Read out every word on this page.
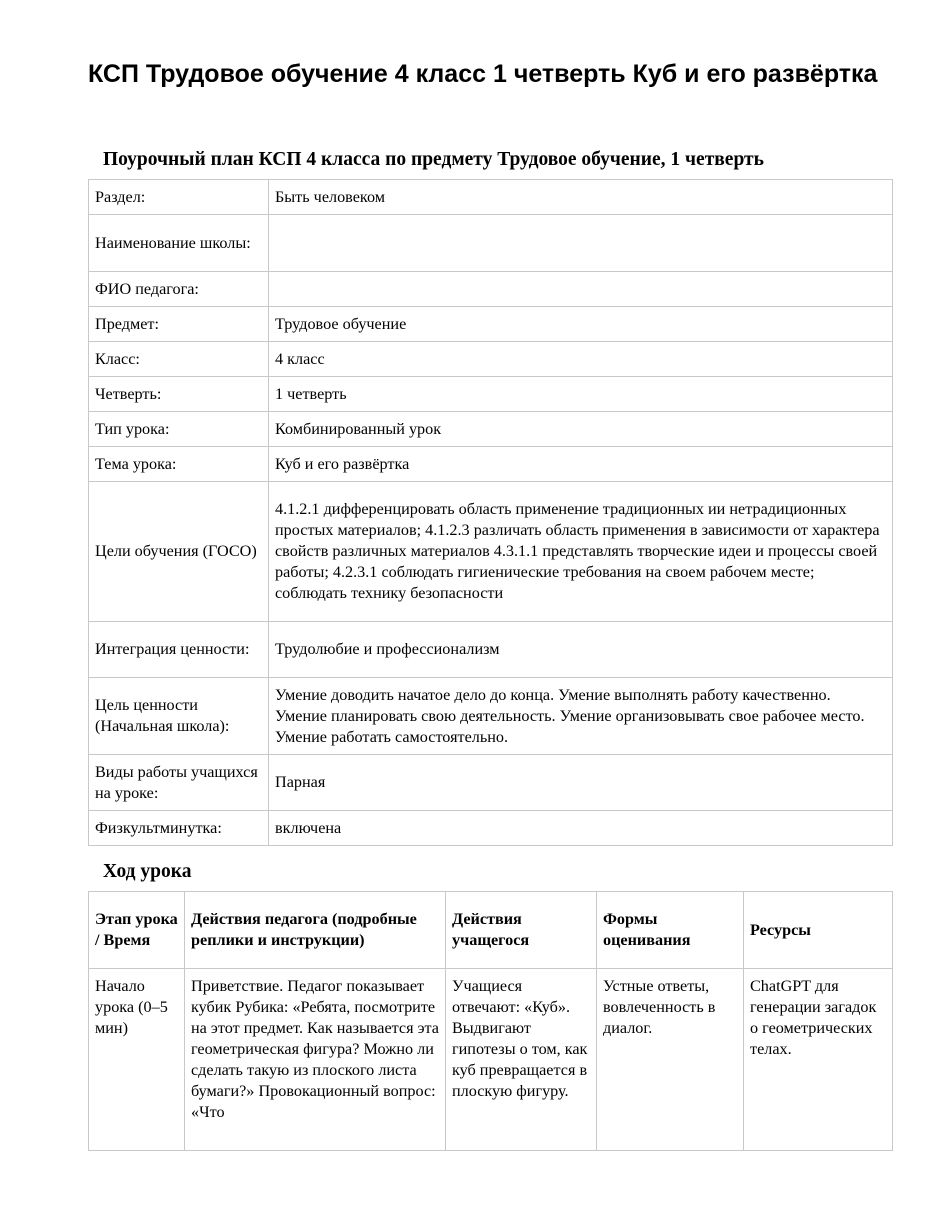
КСП Трудовое обучение 4 класс 1 четверть Куб и его развёртка

Поурочный план КСП 4 класса по предмету Трудовое обучение, 1 четверть

Раздел:	Быть человеком
Наименование школы:	
ФИО педагога:	
Предмет:	Трудовое обучение
Класс:	4 класс
Четверть:	1 четверть
Тип урока:	Комбинированный урок
Тема урока:	Куб и его развёртка
Цели обучения (ГОСО)	4.1.2.1 дифференцировать область применение традиционных ии нетрадиционных простых материалов; 4.1.2.3 различать область применения в зависимости от характера свойств различных материалов 4.3.1.1 представлять творческие идеи и процессы своей работы; 4.2.3.1 соблюдать гигиенические требования на своем рабочем месте; соблюдать технику безопасности
Интеграция ценности:	Трудолюбие и профессионализм
Цель ценности (Начальная школа):	Умение доводить начатое дело до конца. Умение выполнять работу качественно. Умение планировать свою деятельность. Умение организовывать свое рабочее место. Умение работать самостоятельно.
Виды работы учащихся на уроке:	Парная
Физкультминутка:	включена

Ход урока

Этап урока / Время	Действия педагога (подробные реплики и инструкции)	Действия учащегося	Формы оценивания	Ресурсы

Начало урока (0–5 мин)	Приветствие. Педагог показывает кубик Рубика: «Ребята, посмотрите на этот предмет. Как называется эта геометрическая фигура? Можно ли сделать такую из плоского листа бумаги?» Провокационный вопрос: «Что	Учащиеся отвечают: «Куб». Выдвигают гипотезы о том, как куб превращается в плоскую фигуру.	Устные ответы, вовлеченность в диалог.	ChatGPT для генерации загадок о геометрических телах.
